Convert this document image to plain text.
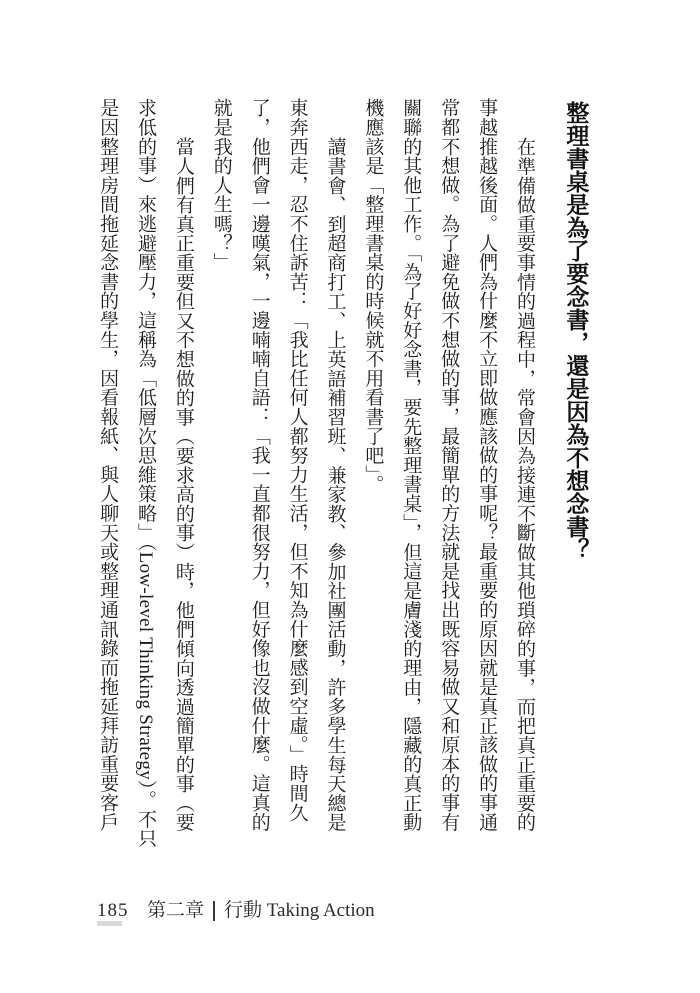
整理書桌是為了要念書，還是因為不想念書？
在準備做重要事情的過程中，常會因為接連不斷做其他瑣碎的事，而把真正重要的
事越推越後面。人們為什麼不立即做應該做的事呢？最重要的原因就是真正該做的事通
常都不想做。為了避免做不想做的事，最簡單的方法就是找出既容易做又和原本的事有
關聯的其他工作。「為了好好念書，要先整理書桌」，但這是膚淺的理由，隱藏的真正動
機應該是「整理書桌的時候就不用看書了吧」。
讀書會、到超商打工、上英語補習班、兼家教、參加社團活動，許多學生每天總是
東奔西走，忍不住訴苦：「我比任何人都努力生活，但不知為什麼感到空虛。」時間久
了，他們會一邊嘆氣，一邊喃喃自語：「我一直都很努力，但好像也沒做什麼。這真的
就是我的人生嗎？」
當人們有真正重要但又不想做的事（要求高的事）時，他們傾向透過簡單的事（要
求低的事）來逃避壓力，這稱為「低層次思維策略」（Low-level Thinking Strategy）。不只
是因整理房間拖延念書的學生，因看報紙、與人聊天或整理通訊錄而拖延拜訪重要客戶
185 第二章 行動 Taking Action
